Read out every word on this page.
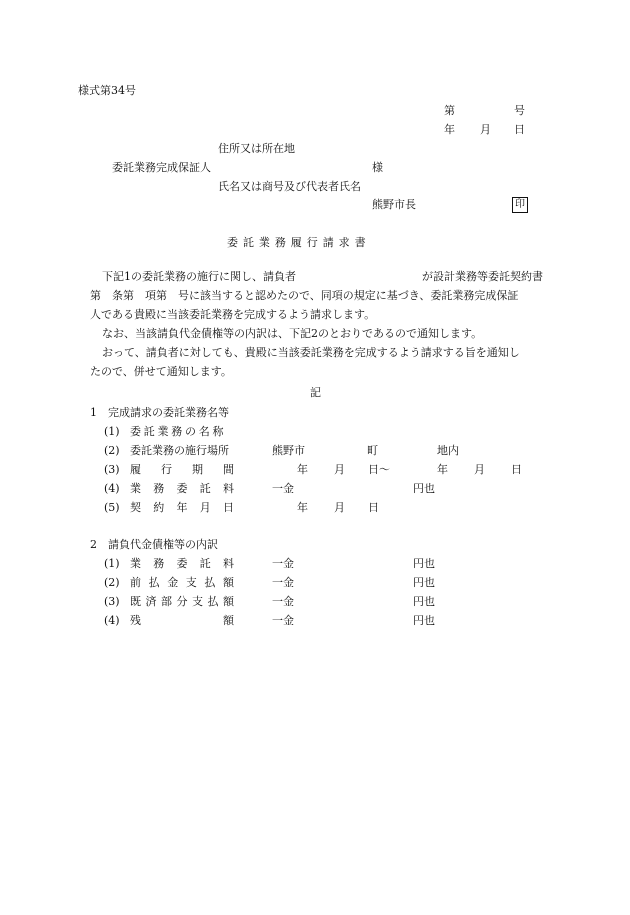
様式第34号
第	号
年 月 日
住所又は所在地
委託業務完成保証人	様
氏名又は商号及び代表者氏名
熊野市長	印
委託業務履行請求書
下記1の委託業務の施行に関し、請負者	が設計業務等委託契約書
第　条第　項第　号に該当すると認めたので、同項の規定に基づき、委託業務完成保証
人である貴殿に当該委託業務を完成するよう請求します。
なお、当該請負代金債権等の内訳は、下記2のとおりであるので通知します。
おって、請負者に対しても、貴殿に当該委託業務を完成するよう請求する旨を通知し
たので、併せて通知します。
記
1　完成請求の委託業務名等
(1) 委託業務の名称
(2) 委託業務の施行場所	熊野市	町	地内
(3) 履 行 期 間	年 月 日〜	年 月 日
(4) 業 務 委 託 料	一金	円也
(5) 契 約 年 月 日	年 月 日
2　請負代金債権等の内訳
(1) 業 務 委 託 料	一金	円也
(2) 前 払 金 支 払 額	一金	円也
(3) 既 済 部 分 支 払 額	一金	円也
(4) 残	額	一金	円也
